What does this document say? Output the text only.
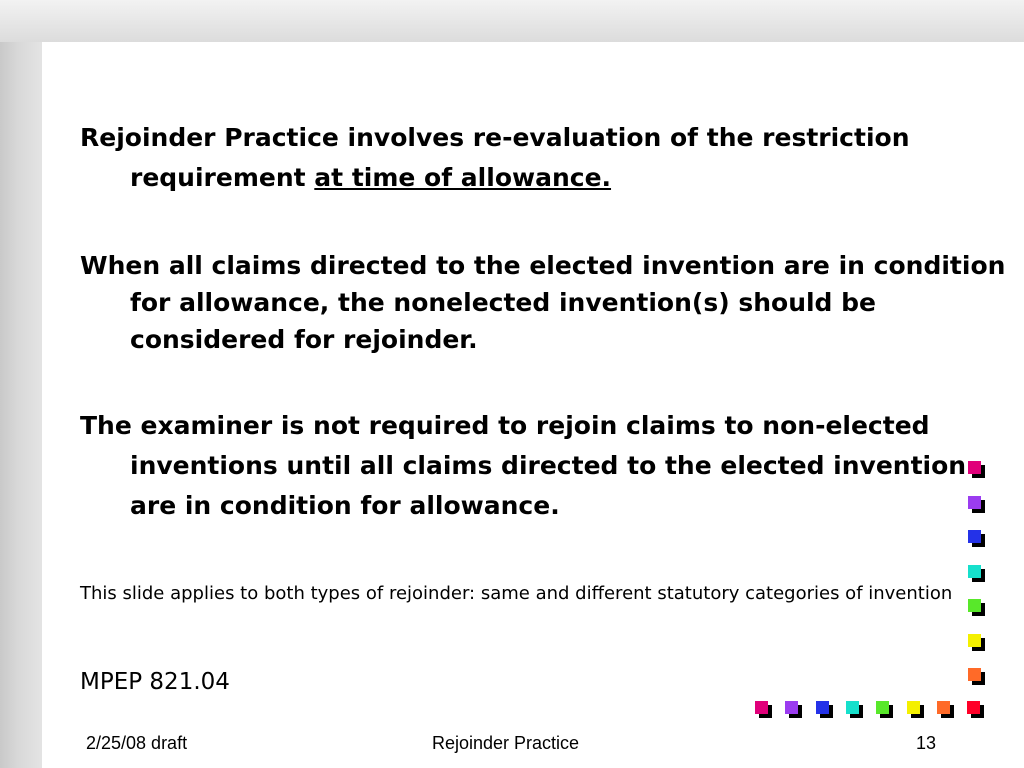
Rejoinder Practice involves re-evaluation of the restriction requirement at time of allowance.

When all claims directed to the elected invention are in condition for allowance, the nonelected invention(s) should be considered for rejoinder.

The examiner is not required to rejoin claims to non-elected inventions until all claims directed to the elected invention are in condition for allowance.

This slide applies to both types of rejoinder: same and different statutory categories of invention

MPEP 821.04

2/25/08 draft	Rejoinder Practice	13
